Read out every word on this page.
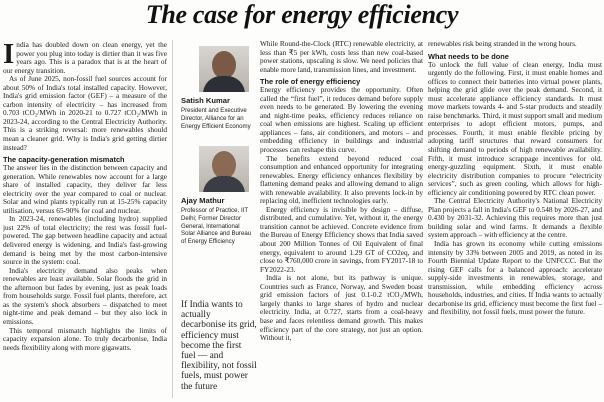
The case for energy efficiency

India has doubled down on clean energy, yet the power you plug into today is dirtier than it was five years ago. This is a paradox that is at the heart of our energy transition.

As of June 2025, non-fossil fuel sources account for about 50% of India's total installed capacity. However, India's grid emission factor (GEF) – a measure of the carbon intensity of electricity – has increased from 0.703 tCO₂/MWh in 2020-21 to 0.727 tCO₂/MWh in 2023-24, according to the Central Electricity Authority. This is a striking reversal: more renewables should mean a cleaner grid. Why is India's grid getting dirtier instead?

The capacity-generation mismatch

The answer lies in the distinction between capacity and generation. While renewables now account for a large share of installed capacity, they deliver far less electricity over the year compared to coal or nuclear. Solar and wind plants typically run at 15-25% capacity utilisation, versus 65-90% for coal and nuclear.

In 2023-24, renewables (including hydro) supplied just 22% of total electricity; the rest was fossil fuel-powered. The gap between headline capacity and actual delivered energy is widening, and India's fast-growing demand is being met by the most carbon-intensive source in the system: coal.

India's electricity demand also peaks when renewables are least available. Solar floods the grid in the afternoon but fades by evening, just as peak loads from households surge. Fossil fuel plants, therefore, act as the system's shock absorbers – dispatched to meet night-time and peak demand – but they also lock in emissions.

This temporal mismatch highlights the limits of capacity expansion alone. To truly decarbonise, India needs flexibility along with more gigawatts.

Satish Kumar
President and Executive Director, Alliance for an Energy Efficient Economy
Ajay Mathur
Professor of Practice, IIT Delhi; Former Director General, International Solar Alliance and Bureau of Energy Efficiency
If India wants to actually decarbonise its grid, efficiency must become the first fuel — and flexibility, not fossil fuels, must power the future

While Round-the-Clock (RTC) renewable electricity, at less than ₹5 per kWh, costs less than new coal-based power stations, upscaling is slow. We need policies that enable more land, transmission lines, and investment.

The role of energy efficiency

Energy efficiency provides the opportunity. Often called the “first fuel”, it reduces demand before supply even needs to be generated. By lowering the evening and night-time peaks, efficiency reduces reliance on coal when emissions are highest. Scaling up efficient appliances – fans, air conditioners, and motors – and embedding efficiency in buildings and industrial processes can reshape this curve.

The benefits extend beyond reduced coal consumption and enhanced opportunity for integrating renewables. Energy efficiency enhances flexibility by flattening demand peaks and allowing demand to align with renewable availability. It also prevents lock-in by replacing old, inefficient technologies early.

Energy efficiency is invisible by design – diffuse, distributed, and cumulative. Yet, without it, the energy transition cannot be achieved. Concrete evidence from the Bureau of Energy Efficiency shows that India saved about 200 Million Tonnes of Oil Equivalent of final energy, equivalent to around 1.29 GT of CO2eq, and close to ₹760,000 crore in savings, from FY2017-18 to FY2022-23.

India is not alone, but its pathway is unique. Countries such as France, Norway, and Sweden boast grid emission factors of just 0.1-0.2 tCO₂/MWh, largely thanks to large shares of hydro and nuclear electricity. India, at 0.727, starts from a coal-heavy base and faces relentless demand growth. This makes efficiency part of the core strategy, not just an option. Without it,

renewables risk being stranded in the wrong hours.

What needs to be done

To unlock the full value of clean energy, India must urgently do the following. First, it must enable homes and offices to connect their batteries into virtual power plants, helping the grid glide over the peak demand. Second, it must accelerate appliance efficiency standards. It must move markets towards 4- and 5-star products and steadily raise benchmarks. Third, it must support small and medium enterprises to adopt efficient motors, pumps, and processes. Fourth, it must enable flexible pricing by adopting tariff structures that reward consumers for shifting demand to periods of high renewable availability. Fifth, it must introduce scrappage incentives for old, energy-guzzling equipment. Sixth, it must enable electricity distribution companies to procure “electricity services”, such as green cooling, which allows for high-efficiency air conditioning powered by RTC clean power.

The Central Electricity Authority's National Electricity Plan projects a fall in India's GEF to 0.548 by 2026-27, and 0.430 by 2031-32. Achieving this requires more than just building solar and wind farms. It demands a flexible system approach – with efficiency at the centre.

India has grown its economy while cutting emissions intensity by 33% between 2005 and 2019, as noted in its Fourth Biennial Update Report to the UNFCCC. But the rising GEF calls for a balanced approach: accelerate supply-side investments in renewables, storage, and transmission, while embedding efficiency across households, industries, and cities. If India wants to actually decarbonise its grid, efficiency must become the first fuel – and flexibility, not fossil fuels, must power the future.
